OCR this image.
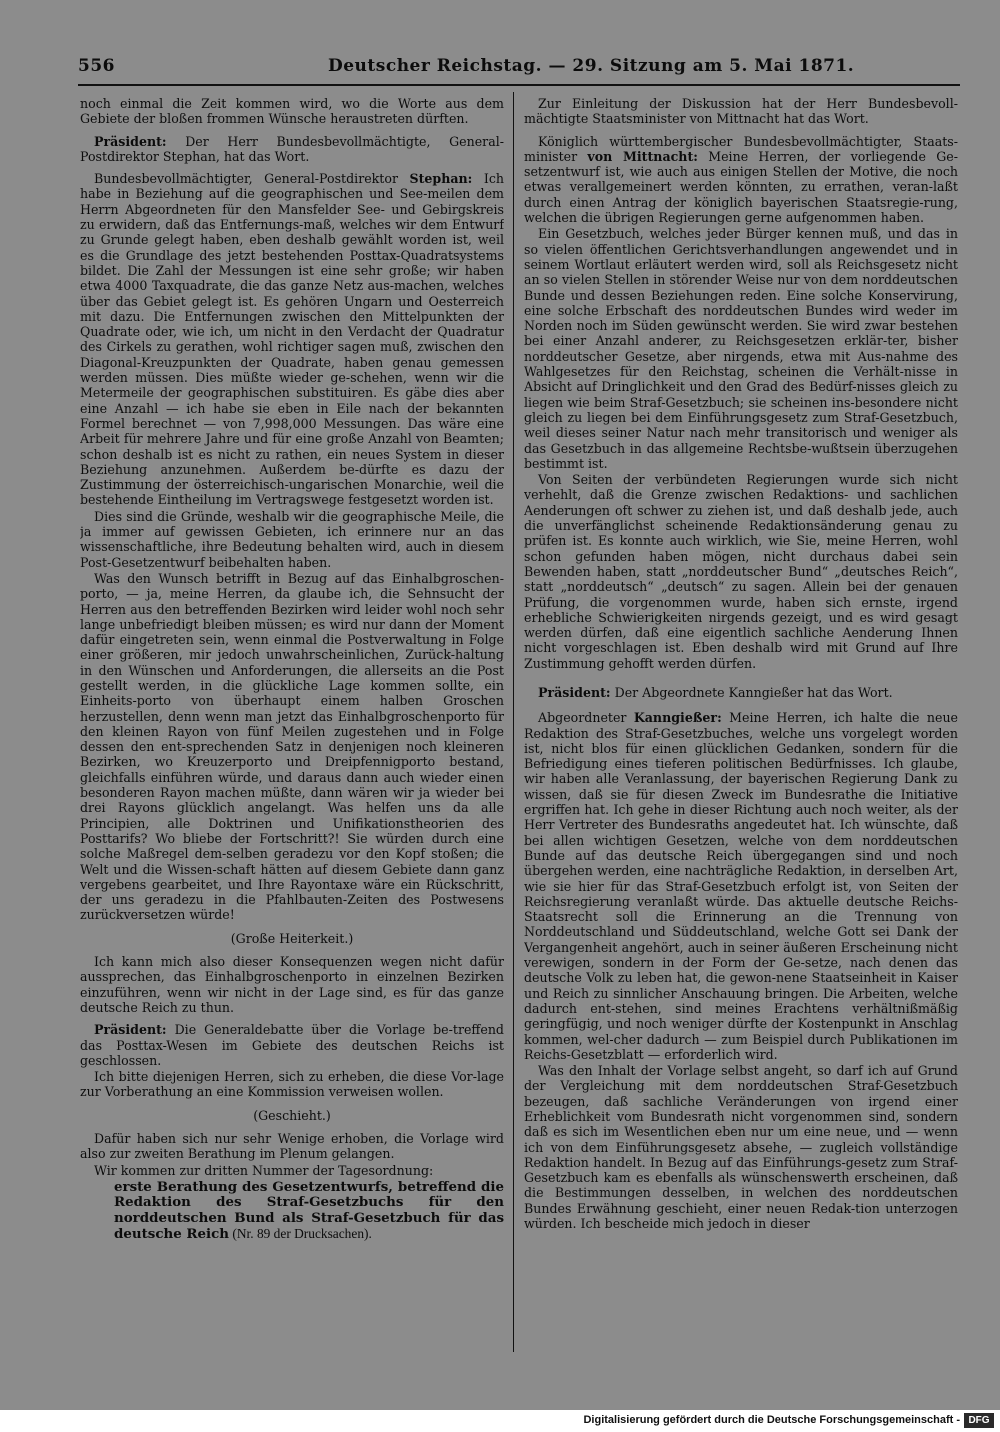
556	Deutscher Reichstag. — 29. Sitzung am 5. Mai 1871.

noch einmal die Zeit kommen wird, wo die Worte aus dem Gebiete der bloßen frommen Wünsche heraustreten dürften.

Präsident: Der Herr Bundesbevollmächtigte, General-Postdirektor Stephan, hat das Wort.

Bundesbevollmächtigter, General-Postdirektor Stephan: Ich habe in Beziehung auf die geographischen und See-meilen dem Herrn Abgeordneten für den Mansfelder See- und Gebirgskreis zu erwidern, daß das Entfernungs-maß, welches wir dem Entwurf zu Grunde gelegt haben, eben deshalb gewählt worden ist, weil es die Grundlage des jetzt bestehenden Posttax-Quadratsystems bildet. Die Zahl der Messungen ist eine sehr große; wir haben etwa 4000 Taxquadrate, die das ganze Netz aus-machen, welches über das Gebiet gelegt ist. Es gehören Ungarn und Oesterreich mit dazu. Die Entfernungen zwischen den Mittelpunkten der Quadrate oder, wie ich, um nicht in den Verdacht der Quadratur des Cirkels zu gerathen, wohl richtiger sagen muß, zwischen den Diagonal-Kreuzpunkten der Quadrate, haben genau gemessen werden müssen. Dies müßte wieder ge-schehen, wenn wir die Metermeile der geographischen substituiren. Es gäbe dies aber eine Anzahl — ich habe sie eben in Eile nach der bekannten Formel berechnet — von 7,998,000 Messungen. Das wäre eine Arbeit für mehrere Jahre und für eine große Anzahl von Beamten; schon deshalb ist es nicht zu rathen, ein neues System in dieser Beziehung anzunehmen. Außerdem be-dürfte es dazu der Zustimmung der österreichisch-ungarischen Monarchie, weil die bestehende Eintheilung im Vertragswege festgesetzt worden ist.

Dies sind die Gründe, weshalb wir die geographische Meile, die ja immer auf gewissen Gebieten, ich erinnere nur an das wissenschaftliche, ihre Bedeutung behalten wird, auch in diesem Post-Gesetzentwurf beibehalten haben.

Was den Wunsch betrifft in Bezug auf das Einhalbgroschen-porto, — ja, meine Herren, da glaube ich, die Sehnsucht der Herren aus den betreffenden Bezirken wird leider wohl noch sehr lange unbefriedigt bleiben müssen; es wird nur dann der Moment dafür eingetreten sein, wenn einmal die Postverwaltung in Folge einer größeren, mir jedoch unwahrscheinlichen, Zurück-haltung in den Wünschen und Anforderungen, die allerseits an die Post gestellt werden, in die glückliche Lage kommen sollte, ein Einheits-porto von überhaupt einem halben Groschen herzustellen, denn wenn man jetzt das Einhalbgroschenporto für den kleinen Rayon von fünf Meilen zugestehen und in Folge dessen den ent-sprechenden Satz in denjenigen noch kleineren Bezirken, wo Kreuzerporto und Dreipfennigporto bestand, gleichfalls einführen würde, und daraus dann auch wieder einen besonderen Rayon machen müßte, dann wären wir ja wieder bei drei Rayons glücklich angelangt. Was helfen uns da alle Principien, alle Doktrinen und Unifikationstheorien des Posttarifs? Wo bliebe der Fortschritt?! Sie würden durch eine solche Maßregel dem-selben geradezu vor den Kopf stoßen; die Welt und die Wissen-schaft hätten auf diesem Gebiete dann ganz vergebens gearbeitet, und Ihre Rayontaxe wäre ein Rückschritt, der uns geradezu in die Pfahlbauten-Zeiten des Postwesens zurückversetzen würde!

(Große Heiterkeit.)

Ich kann mich also dieser Konsequenzen wegen nicht dafür aussprechen, das Einhalbgroschenporto in einzelnen Bezirken einzuführen, wenn wir nicht in der Lage sind, es für das ganze deutsche Reich zu thun.

Präsident: Die Generaldebatte über die Vorlage be-treffend das Posttax-Wesen im Gebiete des deutschen Reichs ist geschlossen.

Ich bitte diejenigen Herren, sich zu erheben, die diese Vor-lage zur Vorberathung an eine Kommission verweisen wollen.

(Geschieht.)

Dafür haben sich nur sehr Wenige erhoben, die Vorlage wird also zur zweiten Berathung im Plenum gelangen.

Wir kommen zur dritten Nummer der Tagesordnung:

erste Berathung des Gesetzentwurfs, betreffend die Redaktion des Straf-Gesetzbuchs für den norddeutschen Bund als Straf-Gesetzbuch für das deutsche Reich (Nr. 89 der Drucksachen).

Zur Einleitung der Diskussion hat der Herr Bundesbevoll-mächtigte Staatsminister von Mittnacht hat das Wort.

Königlich württembergischer Bundesbevollmächtigter, Staats-minister von Mittnacht: Meine Herren, der vorliegende Ge-setzentwurf ist, wie auch aus einigen Stellen der Motive, die noch etwas verallgemeinert werden könnten, zu errathen, veran-laßt durch einen Antrag der königlich bayerischen Staatsregie-rung, welchen die übrigen Regierungen gerne aufgenommen haben.

Ein Gesetzbuch, welches jeder Bürger kennen muß, und das in so vielen öffentlichen Gerichtsverhandlungen angewendet und in seinem Wortlaut erläutert werden wird, soll als Reichsgesetz nicht an so vielen Stellen in störender Weise nur von dem norddeutschen Bunde und dessen Beziehungen reden. Eine solche Konservirung, eine solche Erbschaft des norddeutschen Bundes wird weder im Norden noch im Süden gewünscht werden. Sie wird zwar bestehen bei einer Anzahl anderer, zu Reichsgesetzen erklär-ter, bisher norddeutscher Gesetze, aber nirgends, etwa mit Aus-nahme des Wahlgesetzes für den Reichstag, scheinen die Verhält-nisse in Absicht auf Dringlichkeit und den Grad des Bedürf-nisses gleich zu liegen wie beim Straf-Gesetzbuch; sie scheinen ins-besondere nicht gleich zu liegen bei dem Einführungsgesetz zum Straf-Gesetzbuch, weil dieses seiner Natur nach mehr transitorisch und weniger als das Gesetzbuch in das allgemeine Rechtsbe-wußtsein überzugehen bestimmt ist.

Von Seiten der verbündeten Regierungen wurde sich nicht verhehlt, daß die Grenze zwischen Redaktions- und sachlichen Aenderungen oft schwer zu ziehen ist, und daß deshalb jede, auch die unverfänglichst scheinende Redaktionsänderung genau zu prüfen ist. Es konnte auch wirklich, wie Sie, meine Herren, wohl schon gefunden haben mögen, nicht durchaus dabei sein Bewenden haben, statt „norddeutscher Bund“ „deutsches Reich“, statt „norddeutsch“ „deutsch“ zu sagen. Allein bei der genauen Prüfung, die vorgenommen wurde, haben sich ernste, irgend erhebliche Schwierigkeiten nirgends gezeigt, und es wird gesagt werden dürfen, daß eine eigentlich sachliche Aenderung Ihnen nicht vorgeschlagen ist. Eben deshalb wird mit Grund auf Ihre Zustimmung gehofft werden dürfen.

Präsident: Der Abgeordnete Kanngießer hat das Wort.

Abgeordneter Kanngießer: Meine Herren, ich halte die neue Redaktion des Straf-Gesetzbuches, welche uns vorgelegt worden ist, nicht blos für einen glücklichen Gedanken, sondern für die Befriedigung eines tieferen politischen Bedürfnisses. Ich glaube, wir haben alle Veranlassung, der bayerischen Regierung Dank zu wissen, daß sie für diesen Zweck im Bundesrathe die Initiative ergriffen hat. Ich gehe in dieser Richtung auch noch weiter, als der Herr Vertreter des Bundesraths angedeutet hat. Ich wünschte, daß bei allen wichtigen Gesetzen, welche von dem norddeutschen Bunde auf das deutsche Reich übergegangen sind und noch übergehen werden, eine nachträgliche Redaktion, in derselben Art, wie sie hier für das Straf-Gesetzbuch erfolgt ist, von Seiten der Reichsregierung veranlaßt würde. Das aktuelle deutsche Reichs-Staatsrecht soll die Erinnerung an die Trennung von Norddeutschland und Süddeutschland, welche Gott sei Dank der Vergangenheit angehört, auch in seiner äußeren Erscheinung nicht verewigen, sondern in der Form der Ge-setze, nach denen das deutsche Volk zu leben hat, die gewon-nene Staatseinheit in Kaiser und Reich zu sinnlicher Anschauung bringen. Die Arbeiten, welche dadurch ent-stehen, sind meines Erachtens verhältnißmäßig geringfügig, und noch weniger dürfte der Kostenpunkt in Anschlag kommen, wel-cher dadurch — zum Beispiel durch Publikationen im Reichs-Gesetzblatt — erforderlich wird.

Was den Inhalt der Vorlage selbst angeht, so darf ich auf Grund der Vergleichung mit dem norddeutschen Straf-Gesetzbuch bezeugen, daß sachliche Veränderungen von irgend einer Erheblichkeit vom Bundesrath nicht vorgenommen sind, sondern daß es sich im Wesentlichen eben nur um eine neue, und — wenn ich von dem Einführungsgesetz absehe, — zugleich vollständige Redaktion handelt. In Bezug auf das Einführungs-gesetz zum Straf-Gesetzbuch kam es ebenfalls als wünschenswerth erscheinen, daß die Bestimmungen desselben, in welchen des norddeutschen Bundes Erwähnung geschieht, einer neuen Redak-tion unterzogen würden. Ich bescheide mich jedoch in dieser

Digitalisierung gefördert durch die Deutsche Forschungsgemeinschaft - DFG
